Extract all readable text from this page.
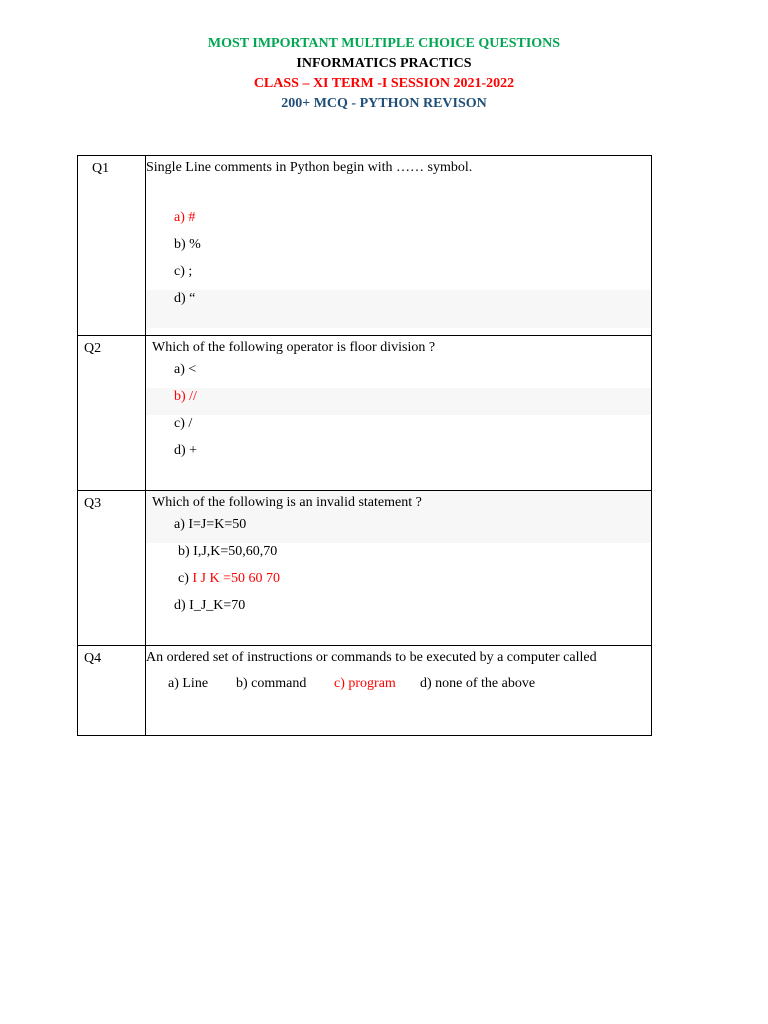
MOST IMPORTANT MULTIPLE CHOICE QUESTIONS
INFORMATICS PRACTICS
CLASS – XI TERM -I SESSION 2021-2022
200+ MCQ - PYTHON REVISON
Q1	Single Line comments in Python begin with …… symbol.
a) #
b) %
c) ;
d) “

Q2	Which of the following operator is floor division ?
a) <
b) //
c) /
d) +

Q3	Which of the following is an invalid statement ?
a) I=J=K=50
b) I,J,K=50,60,70
c) I J K =50 60 70
d) I_J_K=70

Q4	An ordered set of instructions or commands to be executed by a computer called
a) Line b) command c) program d) none of the above
